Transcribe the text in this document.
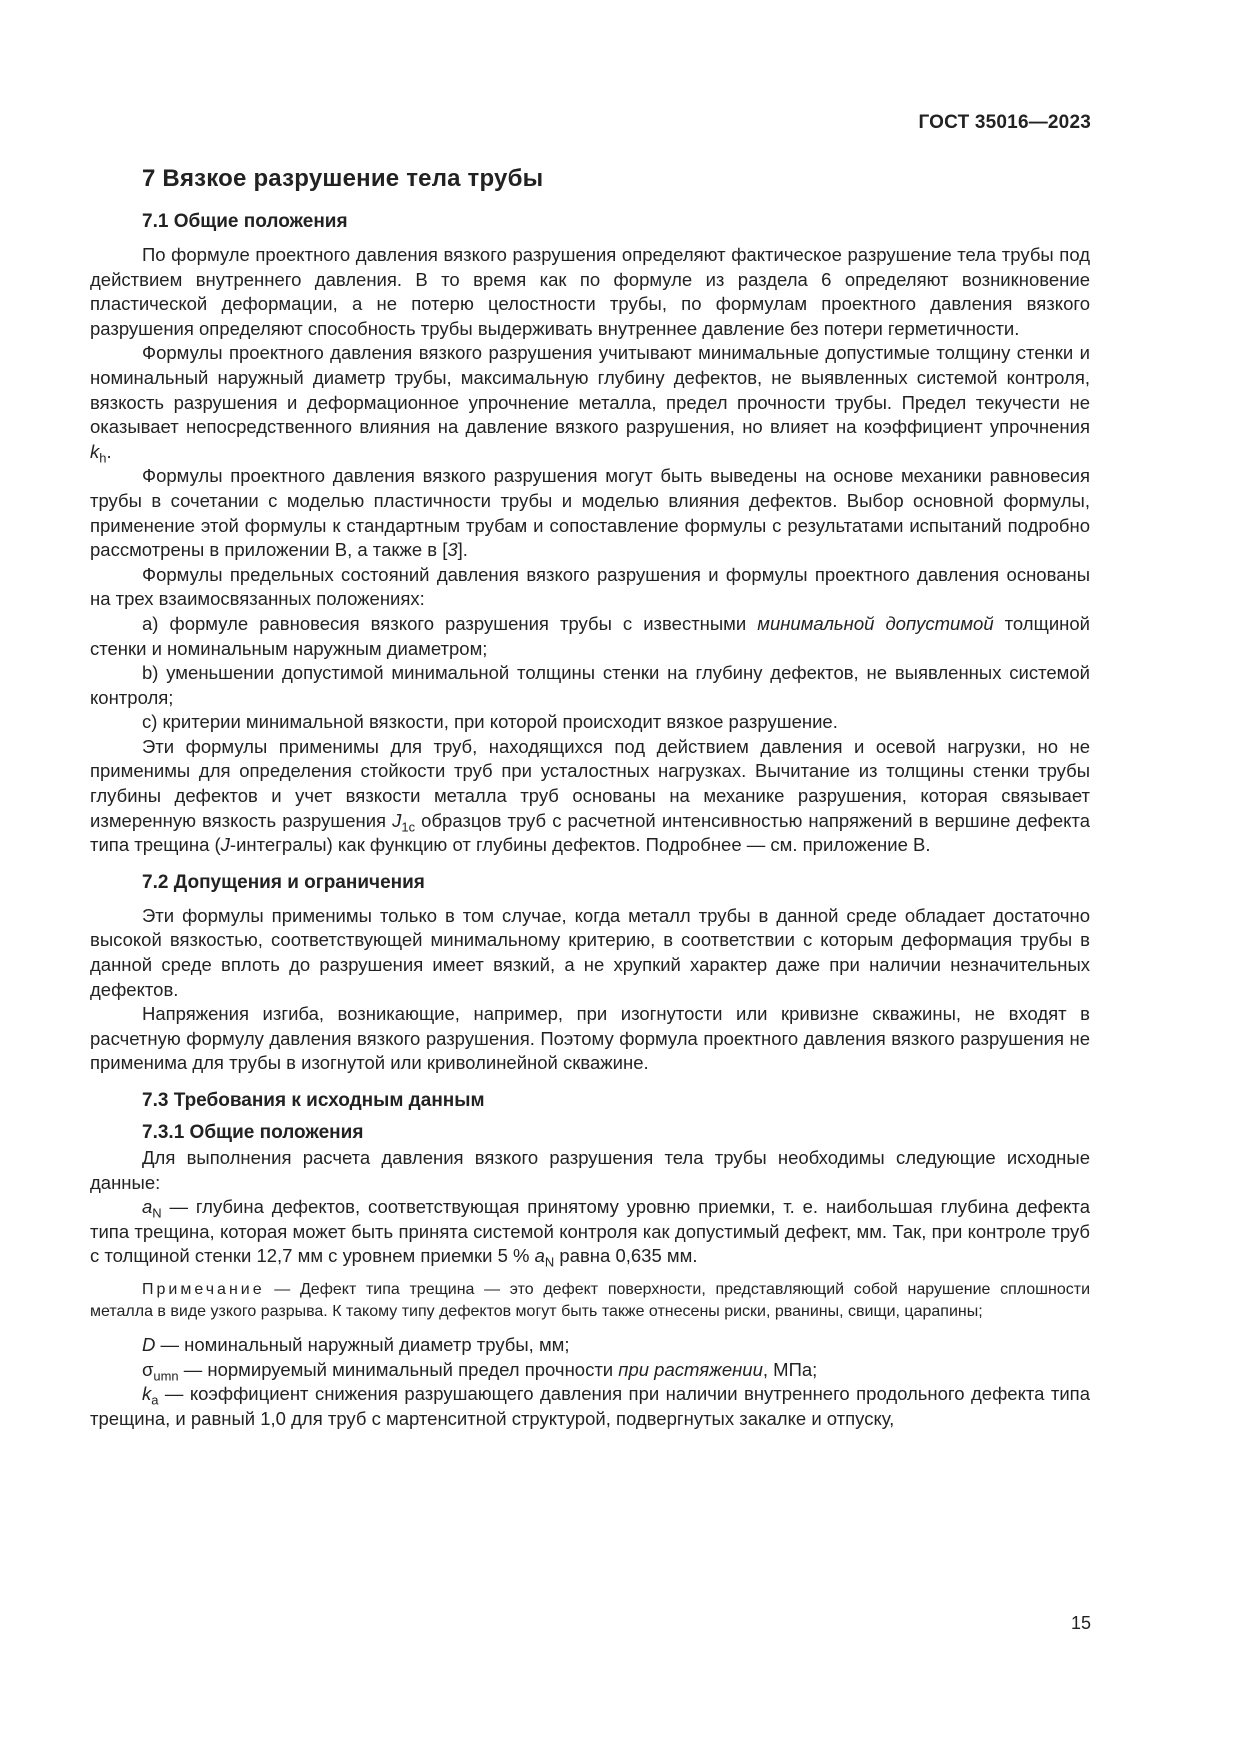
ГОСТ 35016—2023
7 Вязкое разрушение тела трубы
7.1 Общие положения

По формуле проектного давления вязкого разрушения определяют фактическое разрушение тела трубы под действием внутреннего давления. В то время как по формуле из раздела 6 определяют возникновение пластической деформации, а не потерю целостности трубы, по формулам проектного давления вязкого разрушения определяют способность трубы выдерживать внутреннее давление без потери герметичности.

Формулы проектного давления вязкого разрушения учитывают минимальные допустимые толщину стенки и номинальный наружный диаметр трубы, максимальную глубину дефектов, не выявленных системой контроля, вязкость разрушения и деформационное упрочнение металла, предел прочности трубы. Предел текучести не оказывает непосредственного влияния на давление вязкого разрушения, но влияет на коэффициент упрочнения $k_h$.

Формулы проектного давления вязкого разрушения могут быть выведены на основе механики равновесия трубы в сочетании с моделью пластичности трубы и моделью влияния дефектов. Выбор основной формулы, применение этой формулы к стандартным трубам и сопоставление формулы с результатами испытаний подробно рассмотрены в приложении В, а также в [3].

Формулы предельных состояний давления вязкого разрушения и формулы проектного давления основаны на трех взаимосвязанных положениях:

a) формуле равновесия вязкого разрушения трубы с известными минимальной допустимой толщиной стенки и номинальным наружным диаметром;

b) уменьшении допустимой минимальной толщины стенки на глубину дефектов, не выявленных системой контроля;

c) критерии минимальной вязкости, при которой происходит вязкое разрушение.

Эти формулы применимы для труб, находящихся под действием давления и осевой нагрузки, но не применимы для определения стойкости труб при усталостных нагрузках. Вычитание из толщины стенки трубы глубины дефектов и учет вязкости металла труб основаны на механике разрушения, которая связывает измеренную вязкость разрушения $J_{1с}$ образцов труб с расчетной интенсивностью напряжений в вершине дефекта типа трещина (J-интегралы) как функцию от глубины дефектов. Подробнее — см. приложение В.

7.2 Допущения и ограничения

Эти формулы применимы только в том случае, когда металл трубы в данной среде обладает достаточно высокой вязкостью, соответствующей минимальному критерию, в соответствии с которым деформация трубы в данной среде вплоть до разрушения имеет вязкий, а не хрупкий характер даже при наличии незначительных дефектов.

Напряжения изгиба, возникающие, например, при изогнутости или кривизне скважины, не входят в расчетную формулу давления вязкого разрушения. Поэтому формула проектного давления вязкого разрушения не применима для трубы в изогнутой или криволинейной скважине.

7.3 Требования к исходным данным
7.3.1 Общие положения

Для выполнения расчета давления вязкого разрушения тела трубы необходимы следующие исходные данные:

$a_N$ — глубина дефектов, соответствующая принятому уровню приемки, т. е. наибольшая глубина дефекта типа трещина, которая может быть принята системой контроля как допустимый дефект, мм. Так, при контроле труб с толщиной стенки 12,7 мм с уровнем приемки 5 % $a_N$ равна 0,635 мм.

Примечание — Дефект типа трещина — это дефект поверхности, представляющий собой нарушение сплошности металла в виде узкого разрыва. К такому типу дефектов могут быть также отнесены риски, рванины, свищи, царапины;

D — номинальный наружный диаметр трубы, мм;

$\sigma_{umn}$ — нормируемый минимальный предел прочности при растяжении, МПа;

$k_a$ — коэффициент снижения разрушающего давления при наличии внутреннего продольного дефекта типа трещина, и равный 1,0 для труб с мартенситной структурой, подвергнутых закалке и отпуску,

15
